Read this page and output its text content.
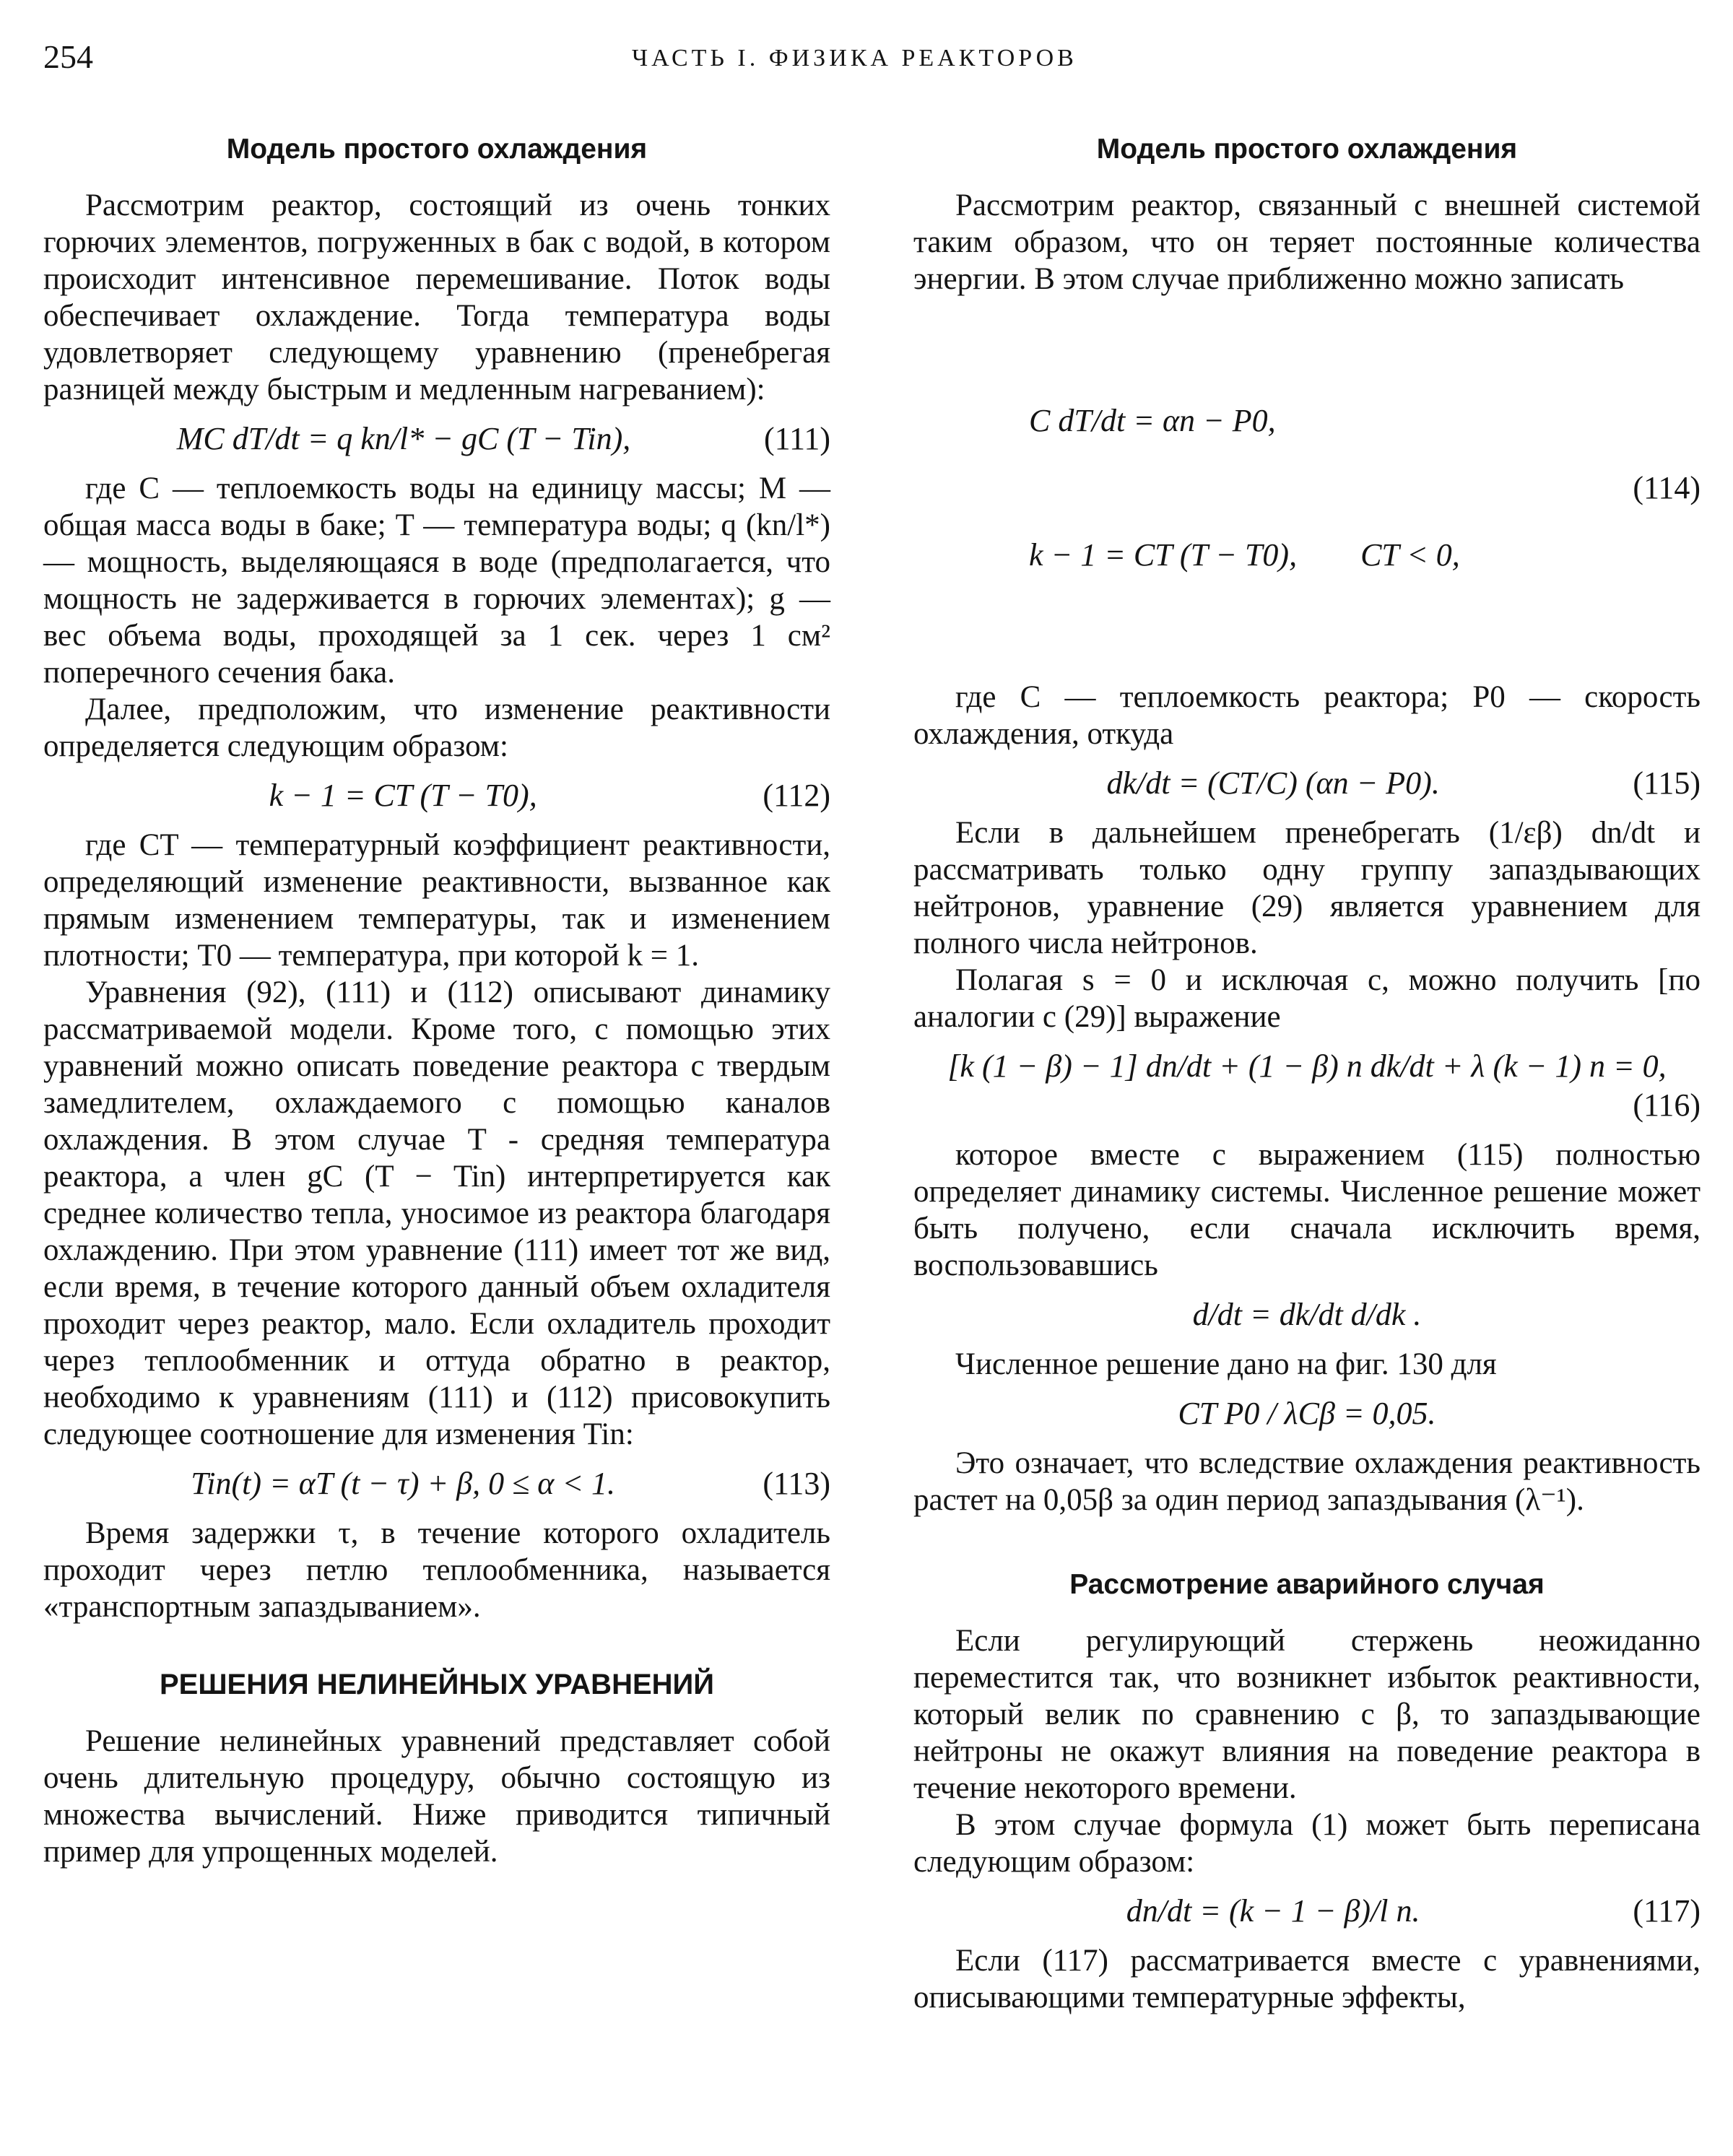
254	ЧАСТЬ I. ФИЗИКА РЕАКТОРОВ
Модель простого охлаждения

Рассмотрим реактор, состоящий из очень тонких горючих элементов, погруженных в бак с водой, в котором происходит интенсивное перемешивание. Поток воды обеспечивает охлаждение. Тогда температура воды удовлетворяет следующему уравнению (пренебрегая разницей между быстрым и медленным нагреванием):

MC dT/dt = q kn/l* − gC (T − Tin),	(111)

где C — теплоемкость воды на единицу массы; M — общая масса воды в баке; T — температура воды; q (kn/l*) — мощность, выделяющаяся в воде (предполагается, что мощность не задерживается в горючих элементах); g — вес объема воды, проходящей за 1 сек. через 1 см² поперечного сечения бака.

Далее, предположим, что изменение реактивности определяется следующим образом:

k − 1 = CT (T − T0),	(112)

где CT — температурный коэффициент реактивности, определяющий изменение реактивности, вызванное как прямым изменением температуры, так и изменением плотности; T0 — температура, при которой k = 1.

Уравнения (92), (111) и (112) описывают динамику рассматриваемой модели. Кроме того, с помощью этих уравнений можно описать поведение реактора с твердым замедлителем, охлаждаемого с помощью каналов охлаждения. В этом случае T - средняя температура реактора, а член gC (T − Tin) интерпретируется как среднее количество тепла, уносимое из реактора благодаря охлаждению. При этом уравнение (111) имеет тот же вид, если время, в течение которого данный объем охладителя проходит через реактор, мало. Если охладитель проходит через теплообменник и оттуда обратно в реактор, необходимо к уравнениям (111) и (112) присовокупить следующее соотношение для изменения Tin:

Tin(t) = αT (t − τ) + β, 0 ≤ α < 1.	(113)

Время задержки τ, в течение которого охладитель проходит через петлю теплообменника, называется «транспортным запаздыванием».

РЕШЕНИЯ НЕЛИНЕЙНЫХ УРАВНЕНИЙ

Решение нелинейных уравнений представляет собой очень длительную процедуру, обычно состоящую из множества вычислений. Ниже приводится типичный пример для упрощенных моделей.

Модель простого охлаждения

Рассмотрим реактор, связанный с внешней системой таким образом, что он теряет постоянные количества энергии. В этом случае приближенно можно записать

C dT/dt = αn − P0,

k − 1 = CT (T − T0),        CT < 0,

(114)

где C — теплоемкость реактора; P0 — скорость охлаждения, откуда

dk/dt = (CT/C) (αn − P0).	(115)

Если в дальнейшем пренебрегать (1/εβ) dn/dt и рассматривать только одну группу запаздывающих нейтронов, уравнение (29) является уравнением для полного числа нейтронов.

Полагая s = 0 и исключая c, можно получить [по аналогии с (29)] выражение

[k (1 − β) − 1] dn/dt + (1 − β) n dk/dt + λ (k − 1) n = 0,
(116)

которое вместе с выражением (115) полностью определяет динамику системы. Численное решение может быть получено, если сначала исключить время, воспользовавшись

d/dt = dk/dt d/dk .

Численное решение дано на фиг. 130 для

CT P0 / λCβ = 0,05.

Это означает, что вследствие охлаждения реактивность растет на 0,05β за один период запаздывания (λ⁻¹).

Рассмотрение аварийного случая

Если регулирующий стержень неожиданно переместится так, что возникнет избыток реактивности, который велик по сравнению с β, то запаздывающие нейтроны не окажут влияния на поведение реактора в течение некоторого времени.

В этом случае формула (1) может быть переписана следующим образом:

dn/dt = (k − 1 − β)/l n.	(117)

Если (117) рассматривается вместе с уравнениями, описывающими температурные эффекты,
